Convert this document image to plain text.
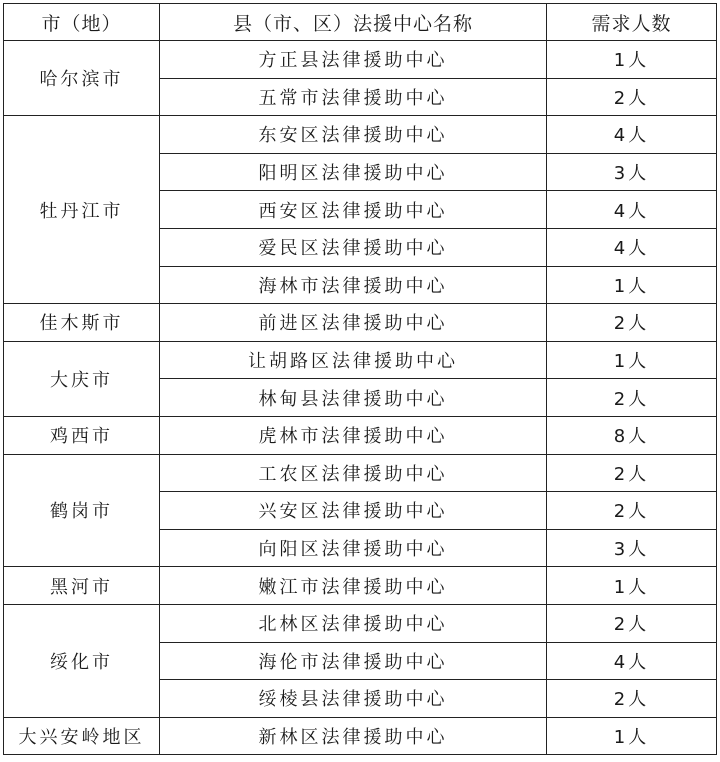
市（地）	县（市、区）法援中心名称	需求人数
哈尔滨市	方正县法律援助中心	1人
	五常市法律援助中心	2人
牡丹江市	东安区法律援助中心	4人
	阳明区法律援助中心	3人
	西安区法律援助中心	4人
	爱民区法律援助中心	4人
	海林市法律援助中心	1人
佳木斯市	前进区法律援助中心	2人
大庆市	让胡路区法律援助中心	1人
	林甸县法律援助中心	2人
鸡西市	虎林市法律援助中心	8人
鹤岗市	工农区法律援助中心	2人
	兴安区法律援助中心	2人
	向阳区法律援助中心	3人
黑河市	嫩江市法律援助中心	1人
绥化市	北林区法律援助中心	2人
	海伦市法律援助中心	4人
	绥棱县法律援助中心	2人
大兴安岭地区	新林区法律援助中心	1人
